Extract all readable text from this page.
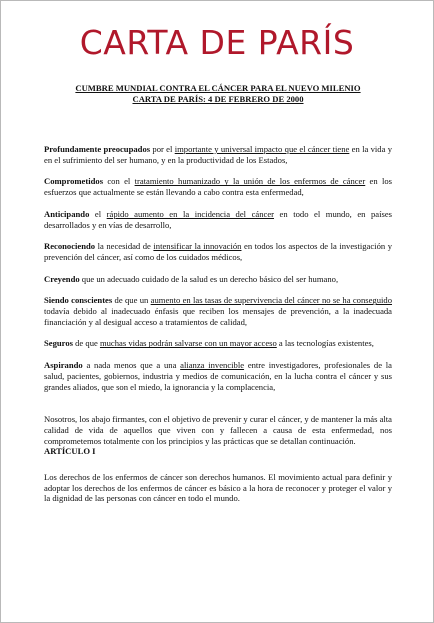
CARTA DE PARÍS
CUMBRE MUNDIAL CONTRA EL CÁNCER PARA EL NUEVO MILENIO
CARTA DE PARÍS: 4 DE FEBRERO DE 2000

Profundamente preocupados por el importante y universal impacto que el cáncer tiene en la vida y en el sufrimiento del ser humano, y en la productividad de los Estados,

Comprometidos con el tratamiento humanizado y la unión de los enfermos de cáncer en los esfuerzos que actualmente se están llevando a cabo contra esta enfermedad,

Anticipando el rápido aumento en la incidencia del cáncer en todo el mundo, en países desarrollados y en vías de desarrollo,

Reconociendo la necesidad de intensificar la innovación en todos los aspectos de la investigación y prevención del cáncer, así como de los cuidados médicos,

Creyendo que un adecuado cuidado de la salud es un derecho básico del ser humano,

Siendo conscientes de que un aumento en las tasas de supervivencia del cáncer no se ha conseguido todavía debido al inadecuado énfasis que reciben los mensajes de prevención, a la inadecuada financiación y al desigual acceso a tratamientos de calidad,

Seguros de que muchas vidas podrán salvarse con un mayor acceso a las tecnologías existentes,

Aspirando a nada menos que a una alianza invencible entre investigadores, profesionales de la salud, pacientes, gobiernos, industria y medios de comunicación, en la lucha contra el cáncer y sus grandes aliados, que son el miedo, la ignorancia y la complacencia,

Nosotros, los abajo firmantes, con el objetivo de prevenir y curar el cáncer, y de mantener la más alta calidad de vida de aquellos que viven con y fallecen a causa de esta enfermedad, nos comprometemos totalmente con los principios y las prácticas que se detallan continuación.

ARTÍCULO I

Los derechos de los enfermos de cáncer son derechos humanos. El movimiento actual para definir y adoptar los derechos de los enfermos de cáncer es básico a la hora de reconocer y proteger el valor y la dignidad de las personas con cáncer en todo el mundo.
